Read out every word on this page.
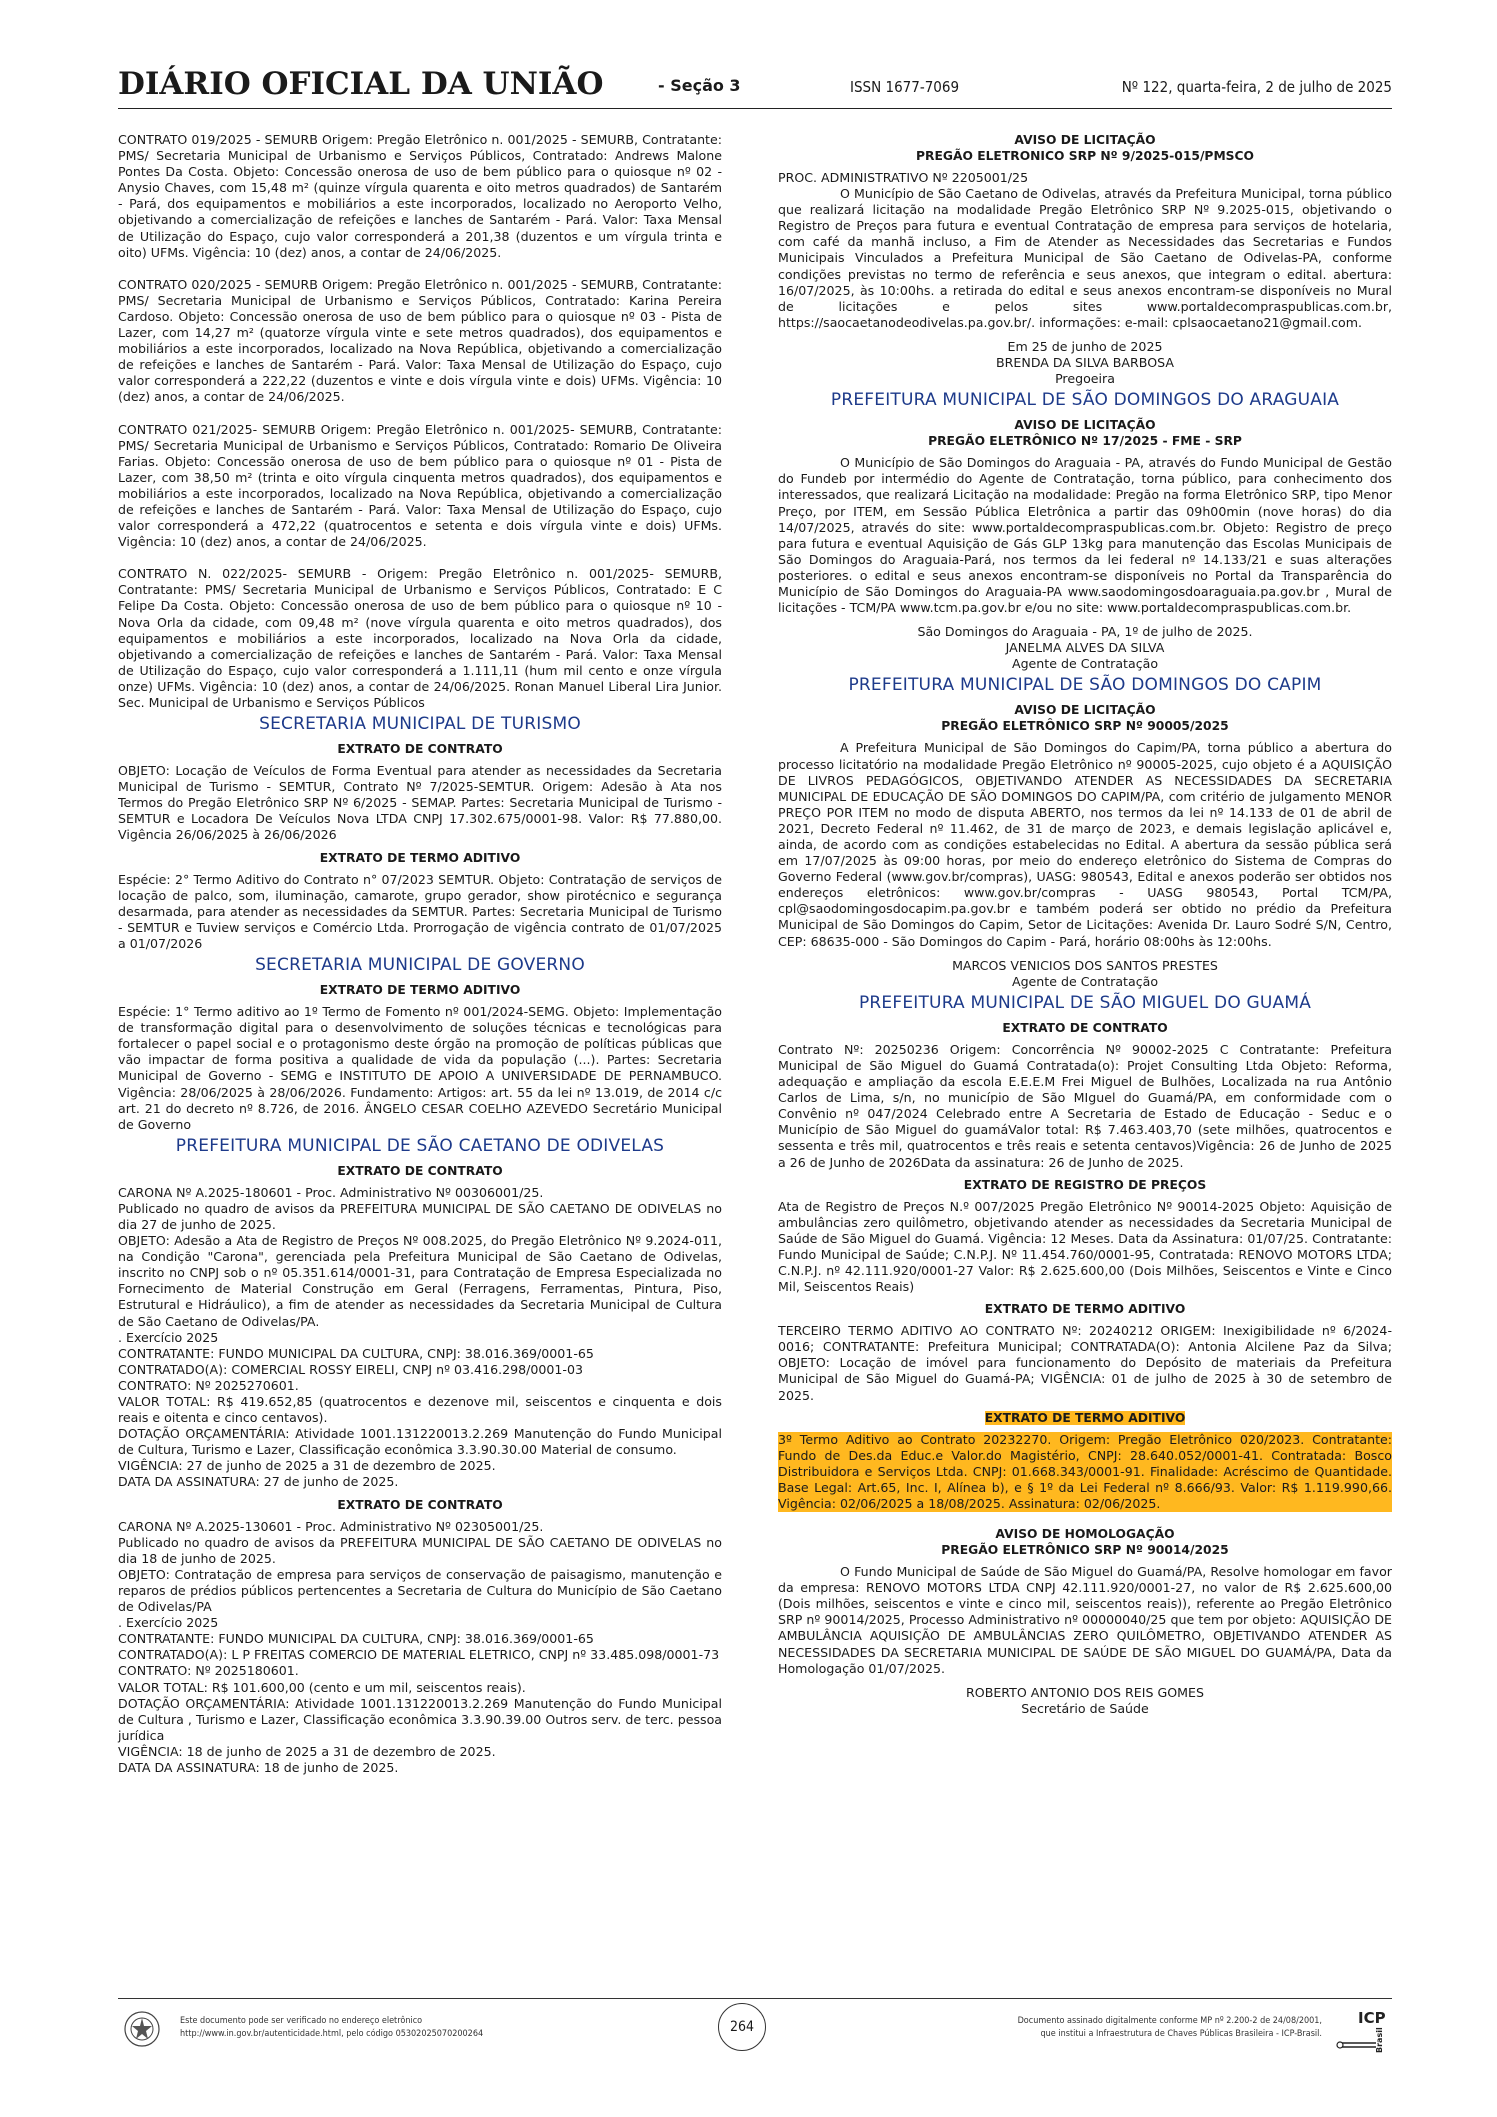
DIÁRIO OFICIAL DA UNIÃO	- Seção 3	ISSN 1677-7069	Nº 122, quarta-feira, 2 de julho de 2025

CONTRATO 019/2025 - SEMURB Origem: Pregão Eletrônico n. 001/2025 - SEMURB, Contratante: PMS/ Secretaria Municipal de Urbanismo e Serviços Públicos, Contratado: Andrews Malone Pontes Da Costa. Objeto: Concessão onerosa de uso de bem público para o quiosque nº 02 - Anysio Chaves, com 15,48 m² (quinze vírgula quarenta e oito metros quadrados) de Santarém - Pará, dos equipamentos e mobiliários a este incorporados, localizado no Aeroporto Velho, objetivando a comercialização de refeições e lanches de Santarém - Pará. Valor: Taxa Mensal de Utilização do Espaço, cujo valor corresponderá a 201,38 (duzentos e um vírgula trinta e oito) UFMs. Vigência: 10 (dez) anos, a contar de 24/06/2025.

CONTRATO 020/2025 - SEMURB Origem: Pregão Eletrônico n. 001/2025 - SEMURB, Contratante: PMS/ Secretaria Municipal de Urbanismo e Serviços Públicos, Contratado: Karina Pereira Cardoso. Objeto: Concessão onerosa de uso de bem público para o quiosque nº 03 - Pista de Lazer, com 14,27 m² (quatorze vírgula vinte e sete metros quadrados), dos equipamentos e mobiliários a este incorporados, localizado na Nova República, objetivando a comercialização de refeições e lanches de Santarém - Pará. Valor: Taxa Mensal de Utilização do Espaço, cujo valor corresponderá a 222,22 (duzentos e vinte e dois vírgula vinte e dois) UFMs. Vigência: 10 (dez) anos, a contar de 24/06/2025.

CONTRATO 021/2025- SEMURB Origem: Pregão Eletrônico n. 001/2025- SEMURB, Contratante: PMS/ Secretaria Municipal de Urbanismo e Serviços Públicos, Contratado: Romario De Oliveira Farias. Objeto: Concessão onerosa de uso de bem público para o quiosque nº 01 - Pista de Lazer, com 38,50 m² (trinta e oito vírgula cinquenta metros quadrados), dos equipamentos e mobiliários a este incorporados, localizado na Nova República, objetivando a comercialização de refeições e lanches de Santarém - Pará. Valor: Taxa Mensal de Utilização do Espaço, cujo valor corresponderá a 472,22 (quatrocentos e setenta e dois vírgula vinte e dois) UFMs. Vigência: 10 (dez) anos, a contar de 24/06/2025.

CONTRATO N. 022/2025- SEMURB - Origem: Pregão Eletrônico n. 001/2025- SEMURB, Contratante: PMS/ Secretaria Municipal de Urbanismo e Serviços Públicos, Contratado: E C Felipe Da Costa. Objeto: Concessão onerosa de uso de bem público para o quiosque nº 10 - Nova Orla da cidade, com 09,48 m² (nove vírgula quarenta e oito metros quadrados), dos equipamentos e mobiliários a este incorporados, localizado na Nova Orla da cidade, objetivando a comercialização de refeições e lanches de Santarém - Pará. Valor: Taxa Mensal de Utilização do Espaço, cujo valor corresponderá a 1.111,11 (hum mil cento e onze vírgula onze) UFMs. Vigência: 10 (dez) anos, a contar de 24/06/2025. Ronan Manuel Liberal Lira Junior. Sec. Municipal de Urbanismo e Serviços Públicos

SECRETARIA MUNICIPAL DE TURISMO
EXTRATO DE CONTRATO

OBJETO: Locação de Veículos de Forma Eventual para atender as necessidades da Secretaria Municipal de Turismo - SEMTUR, Contrato Nº 7/2025-SEMTUR. Origem: Adesão à Ata nos Termos do Pregão Eletrônico SRP Nº 6/2025 - SEMAP. Partes: Secretaria Municipal de Turismo - SEMTUR e Locadora De Veículos Nova LTDA CNPJ 17.302.675/0001-98. Valor: R$ 77.880,00. Vigência 26/06/2025 à 26/06/2026

EXTRATO DE TERMO ADITIVO

Espécie: 2° Termo Aditivo do Contrato n° 07/2023 SEMTUR. Objeto: Contratação de serviços de locação de palco, som, iluminação, camarote, grupo gerador, show pirotécnico e segurança desarmada, para atender as necessidades da SEMTUR. Partes: Secretaria Municipal de Turismo - SEMTUR e Tuview serviços e Comércio Ltda. Prorrogação de vigência contrato de 01/07/2025 a 01/07/2026

SECRETARIA MUNICIPAL DE GOVERNO
EXTRATO DE TERMO ADITIVO

Espécie: 1° Termo aditivo ao 1º Termo de Fomento nº 001/2024-SEMG. Objeto: Implementação de transformação digital para o desenvolvimento de soluções técnicas e tecnológicas para fortalecer o papel social e o protagonismo deste órgão na promoção de políticas públicas que vão impactar de forma positiva a qualidade de vida da população (...). Partes: Secretaria Municipal de Governo - SEMG e INSTITUTO DE APOIO A UNIVERSIDADE DE PERNAMBUCO. Vigência: 28/06/2025 à 28/06/2026. Fundamento: Artigos: art. 55 da lei nº 13.019, de 2014 c/c art. 21 do decreto nº 8.726, de 2016. ÂNGELO CESAR COELHO AZEVEDO Secretário Municipal de Governo

PREFEITURA MUNICIPAL DE SÃO CAETANO DE ODIVELAS
EXTRATO DE CONTRATO

CARONA Nº A.2025-180601 - Proc. Administrativo Nº 00306001/25.

Publicado no quadro de avisos da PREFEITURA MUNICIPAL DE SÃO CAETANO DE ODIVELAS no dia 27 de junho de 2025.

OBJETO: Adesão a Ata de Registro de Preços Nº 008.2025, do Pregão Eletrônico Nº 9.2024-011, na Condição "Carona", gerenciada pela Prefeitura Municipal de São Caetano de Odivelas, inscrito no CNPJ sob o nº 05.351.614/0001-31, para Contratação de Empresa Especializada no Fornecimento de Material Construção em Geral (Ferragens, Ferramentas, Pintura, Piso, Estrutural e Hidráulico), a fim de atender as necessidades da Secretaria Municipal de Cultura de São Caetano de Odivelas/PA.

. Exercício 2025

CONTRATANTE: FUNDO MUNICIPAL DA CULTURA, CNPJ: 38.016.369/0001-65

CONTRATADO(A): COMERCIAL ROSSY EIRELI, CNPJ nº 03.416.298/0001-03

CONTRATO: Nº 2025270601.

VALOR TOTAL: R$ 419.652,85 (quatrocentos e dezenove mil, seiscentos e cinquenta e dois reais e oitenta e cinco centavos).

DOTAÇÃO ORÇAMENTÁRIA: Atividade 1001.131220013.2.269 Manutenção do Fundo Municipal de Cultura, Turismo e Lazer, Classificação econômica 3.3.90.30.00 Material de consumo.

VIGÊNCIA: 27 de junho de 2025 a 31 de dezembro de 2025.

DATA DA ASSINATURA: 27 de junho de 2025.

EXTRATO DE CONTRATO

CARONA Nº A.2025-130601 - Proc. Administrativo Nº 02305001/25.

Publicado no quadro de avisos da PREFEITURA MUNICIPAL DE SÃO CAETANO DE ODIVELAS no dia 18 de junho de 2025.

OBJETO: Contratação de empresa para serviços de conservação de paisagismo, manutenção e reparos de prédios públicos pertencentes a Secretaria de Cultura do Município de São Caetano de Odivelas/PA

. Exercício 2025

CONTRATANTE: FUNDO MUNICIPAL DA CULTURA, CNPJ: 38.016.369/0001-65

CONTRATADO(A): L P FREITAS COMERCIO DE MATERIAL ELETRICO, CNPJ nº 33.485.098/0001-73

CONTRATO: Nº 2025180601.

VALOR TOTAL: R$ 101.600,00 (cento e um mil, seiscentos reais).

DOTAÇÃO ORÇAMENTÁRIA: Atividade 1001.131220013.2.269 Manutenção do Fundo Municipal de Cultura , Turismo e Lazer, Classificação econômica 3.3.90.39.00 Outros serv. de terc. pessoa jurídica

VIGÊNCIA: 18 de junho de 2025 a 31 de dezembro de 2025.

DATA DA ASSINATURA: 18 de junho de 2025.

AVISO DE LICITAÇÃO
PREGÃO ELETRONICO SRP Nº 9/2025-015/PMSCO

PROC. ADMINISTRATIVO Nº 2205001/25

O Município de São Caetano de Odivelas, através da Prefeitura Municipal, torna público que realizará licitação na modalidade Pregão Eletrônico SRP Nº 9.2025-015, objetivando o Registro de Preços para futura e eventual Contratação de empresa para serviços de hotelaria, com café da manhã incluso, a Fim de Atender as Necessidades das Secretarias e Fundos Municipais Vinculados a Prefeitura Municipal de São Caetano de Odivelas-PA, conforme condições previstas no termo de referência e seus anexos, que integram o edital. abertura: 16/07/2025, às 10:00hs. a retirada do edital e seus anexos encontram-se disponíveis no Mural de licitações e pelos sites www.portaldecompraspublicas.com.br, https://saocaetanodeodivelas.pa.gov.br/. informações: e-mail: cplsaocaetano21@gmail.com.

Em 25 de junho de 2025

BRENDA DA SILVA BARBOSA

Pregoeira

PREFEITURA MUNICIPAL DE SÃO DOMINGOS DO ARAGUAIA
AVISO DE LICITAÇÃO
PREGÃO ELETRÔNICO Nº 17/2025 - FME - SRP

O Município de São Domingos do Araguaia - PA, através do Fundo Municipal de Gestão do Fundeb por intermédio do Agente de Contratação, torna público, para conhecimento dos interessados, que realizará Licitação na modalidade: Pregão na forma Eletrônico SRP, tipo Menor Preço, por ITEM, em Sessão Pública Eletrônica a partir das 09h00min (nove horas) do dia 14/07/2025, através do site: www.portaldecompraspublicas.com.br. Objeto: Registro de preço para futura e eventual Aquisição de Gás GLP 13kg para manutenção das Escolas Municipais de São Domingos do Araguaia-Pará, nos termos da lei federal nº 14.133/21 e suas alterações posteriores. o edital e seus anexos encontram-se disponíveis no Portal da Transparência do Município de São Domingos do Araguaia-PA www.saodomingosdoaraguaia.pa.gov.br , Mural de licitações - TCM/PA www.tcm.pa.gov.br e/ou no site: www.portaldecompraspublicas.com.br.

São Domingos do Araguaia - PA, 1º de julho de 2025.

JANELMA ALVES DA SILVA

Agente de Contratação

PREFEITURA MUNICIPAL DE SÃO DOMINGOS DO CAPIM
AVISO DE LICITAÇÃO
PREGÃO ELETRÔNICO SRP Nº 90005/2025

A Prefeitura Municipal de São Domingos do Capim/PA, torna público a abertura do processo licitatório na modalidade Pregão Eletrônico nº 90005-2025, cujo objeto é a AQUISIÇÃO DE LIVROS PEDAGÓGICOS, OBJETIVANDO ATENDER AS NECESSIDADES DA SECRETARIA MUNICIPAL DE EDUCAÇÃO DE SÃO DOMINGOS DO CAPIM/PA, com critério de julgamento MENOR PREÇO POR ITEM no modo de disputa ABERTO, nos termos da lei nº 14.133 de 01 de abril de 2021, Decreto Federal nº 11.462, de 31 de março de 2023, e demais legislação aplicável e, ainda, de acordo com as condições estabelecidas no Edital. A abertura da sessão pública será em 17/07/2025 às 09:00 horas, por meio do endereço eletrônico do Sistema de Compras do Governo Federal (www.gov.br/compras), UASG: 980543, Edital e anexos poderão ser obtidos nos endereços eletrônicos: www.gov.br/compras - UASG 980543, Portal TCM/PA, cpl@saodomingosdocapim.pa.gov.br e também poderá ser obtido no prédio da Prefeitura Municipal de São Domingos do Capim, Setor de Licitações: Avenida Dr. Lauro Sodré S/N, Centro, CEP: 68635-000 - São Domingos do Capim - Pará, horário 08:00hs às 12:00hs.

MARCOS VENICIOS DOS SANTOS PRESTES

Agente de Contratação

PREFEITURA MUNICIPAL DE SÃO MIGUEL DO GUAMÁ
EXTRATO DE CONTRATO

Contrato Nº: 20250236 Origem: Concorrência Nº 90002-2025 C Contratante: Prefeitura Municipal de São Miguel do Guamá Contratada(o): Projet Consulting Ltda Objeto: Reforma, adequação e ampliação da escola E.E.E.M Frei Miguel de Bulhões, Localizada na rua Antônio Carlos de Lima, s/n, no município de São MIguel do Guamá/PA, em conformidade com o Convênio nº 047/2024 Celebrado entre A Secretaria de Estado de Educação - Seduc e o Município de São Miguel do guamáValor total: R$ 7.463.403,70 (sete milhões, quatrocentos e sessenta e três mil, quatrocentos e três reais e setenta centavos)Vigência: 26 de Junho de 2025 a 26 de Junho de 2026Data da assinatura: 26 de Junho de 2025.

EXTRATO DE REGISTRO DE PREÇOS

Ata de Registro de Preços N.º 007/2025 Pregão Eletrônico Nº 90014-2025 Objeto: Aquisição de ambulâncias zero quilômetro, objetivando atender as necessidades da Secretaria Municipal de Saúde de São Miguel do Guamá. Vigência: 12 Meses. Data da Assinatura: 01/07/25. Contratante: Fundo Municipal de Saúde; C.N.P.J. Nº 11.454.760/0001-95, Contratada: RENOVO MOTORS LTDA; C.N.P.J. nº 42.111.920/0001-27 Valor: R$ 2.625.600,00 (Dois Milhões, Seiscentos e Vinte e Cinco Mil, Seiscentos Reais)

EXTRATO DE TERMO ADITIVO

TERCEIRO TERMO ADITIVO AO CONTRATO Nº: 20240212 ORIGEM: Inexigibilidade nº 6/2024-0016; CONTRATANTE: Prefeitura Municipal; CONTRATADA(O): Antonia Alcilene Paz da Silva; OBJETO: Locação de imóvel para funcionamento do Depósito de materiais da Prefeitura Municipal de São Miguel do Guamá-PA; VIGÊNCIA: 01 de julho de 2025 à 30 de setembro de 2025.

EXTRATO DE TERMO ADITIVO

3º Termo Aditivo ao Contrato 20232270. Origem: Pregão Eletrônico 020/2023. Contratante: Fundo de Des.da Educ.e Valor.do Magistério, CNPJ: 28.640.052/0001-41. Contratada: Bosco Distribuidora e Serviços Ltda. CNPJ: 01.668.343/0001-91. Finalidade: Acréscimo de Quantidade. Base Legal: Art.65, Inc. I, Alínea b), e § 1º da Lei Federal nº 8.666/93. Valor: R$ 1.119.990,66. Vigência: 02/06/2025 a 18/08/2025. Assinatura: 02/06/2025.

AVISO DE HOMOLOGAÇÃO
PREGÃO ELETRÔNICO SRP Nº 90014/2025

O Fundo Municipal de Saúde de São Miguel do Guamá/PA, Resolve homologar em favor da empresa: RENOVO MOTORS LTDA CNPJ 42.111.920/0001-27, no valor de R$ 2.625.600,00 (Dois milhões, seiscentos e vinte e cinco mil, seiscentos reais)), referente ao Pregão Eletrônico SRP nº 90014/2025, Processo Administrativo nº 00000040/25 que tem por objeto: AQUISIÇÃO DE AMBULÂNCIA AQUISIÇÃO DE AMBULÂNCIAS ZERO QUILÔMETRO, OBJETIVANDO ATENDER AS NECESSIDADES DA SECRETARIA MUNICIPAL DE SAÚDE DE SÃO MIGUEL DO GUAMÁ/PA, Data da Homologação 01/07/2025.

ROBERTO ANTONIO DOS REIS GOMES

Secretário de Saúde

Este documento pode ser verificado no endereço eletrônico
http://www.in.gov.br/autenticidade.html, pelo código 05302025070200264	264	Documento assinado digitalmente conforme MP nº 2.200-2 de 24/08/2001,
que institui a Infraestrutura de Chaves Públicas Brasileira - ICP-Brasil.
ICP
Brasil
